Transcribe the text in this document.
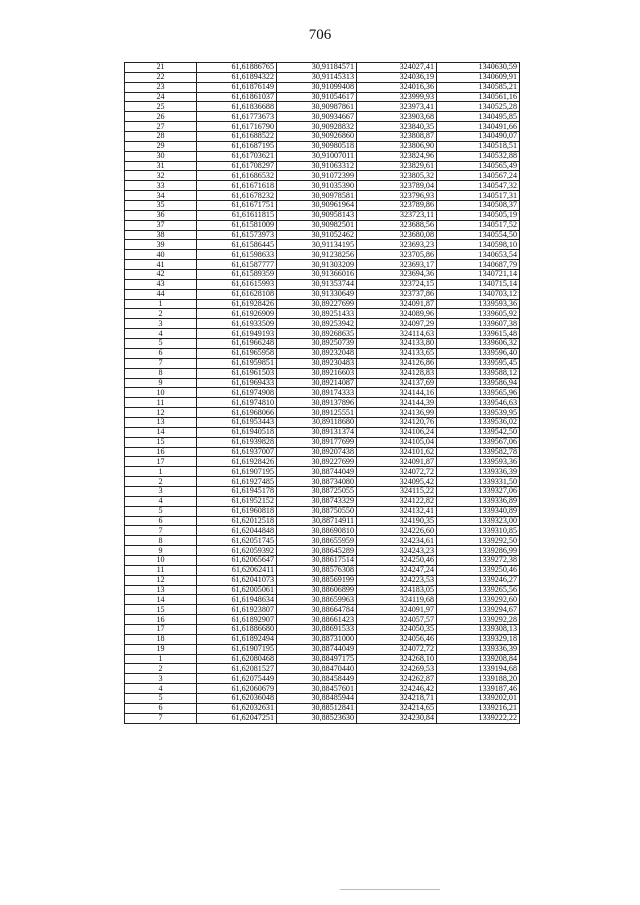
706
21	61,61886765	30,91184571	324027,41	1340630,59
22	61,61894322	30,91145313	324036,19	1340609,91
23	61,61876149	30,91099408	324016,36	1340585,21
24	61,61861037	30,91054617	323999,93	1340561,16
25	61,61836688	30,90987861	323973,41	1340525,28
26	61,61773673	30,90934667	323903,68	1340495,85
27	61,61716790	30,90928832	323840,35	1340491,66
28	61,61688522	30,90926860	323808,87	1340490,07
29	61,61687195	30,90980518	323806,90	1340518,51
30	61,61703621	30,91007011	323824,96	1340532,88
31	61,61708297	30,91063312	323829,61	1340565,49
32	61,61686532	30,91072399	323805,32	1340567,24
33	61,61671618	30,91035390	323789,04	1340547,32
34	61,61678232	30,90978581	323796,93	1340517,31
35	61,61671751	30,90961964	323789,86	1340508,37
36	61,61611815	30,90958143	323723,11	1340505,19
37	61,61581009	30,90982501	323688,56	1340517,52
38	61,61573973	30,91052462	323680,08	1340554,50
39	61,61586445	30,91134195	323693,23	1340598,10
40	61,61598633	30,91238256	323705,86	1340653,54
41	61,61587777	30,91303209	323693,17	1340687,79
42	61,61589359	30,91366016	323694,36	1340721,14
43	61,61615993	30,91353744	323724,15	1340715,14
44	61,61628108	30,91330649	323737,86	1340703,12
1	61,61928426	30,89227699	324091,87	1339593,36
2	61,61926909	30,89251433	324089,96	1339605,92
3	61,61933509	30,89253942	324097,29	1339607,38
4	61,61949193	30,89268635	324114,63	1339615,48
5	61,61966248	30,89250739	324133,80	1339606,32
6	61,61965958	30,89232048	324133,65	1339596,40
7	61,61959851	30,89230483	324126,86	1339595,45
8	61,61961503	30,89216603	324128,83	1339588,12
9	61,61969433	30,89214087	324137,69	1339586,94
10	61,61974908	30,89174333	324144,16	1339565,96
11	61,61974810	30,89137896	324144,39	1339546,63
12	61,61968066	30,89125551	324136,99	1339539,95
13	61,61953443	30,89118680	324120,76	1339536,02
14	61,61940518	30,89131374	324106,24	1339542,50
15	61,61939828	30,89177699	324105,04	1339567,06
16	61,61937007	30,89207438	324101,62	1339582,78
17	61,61928426	30,89227699	324091,87	1339593,36
1	61,61907195	30,88744049	324072,72	1339336,39
2	61,61927485	30,88734080	324095,42	1339331,50
3	61,61945178	30,88725055	324115,22	1339327,06
4	61,61952152	30,88743329	324122,82	1339336,89
5	61,61960818	30,88750550	324132,41	1339340,89
6	61,62012518	30,88714911	324190,35	1339323,00
7	61,62044848	30,88690810	324226,60	1339310,85
8	61,62051745	30,88655959	324234,61	1339292,50
9	61,62059392	30,88645289	324243,23	1339286,99
10	61,62065647	30,88617514	324250,46	1339272,38
11	61,62062411	30,88576308	324247,24	1339250,46
12	61,62041073	30,88569199	324223,53	1339246,27
13	61,62005061	30,88606899	324183,05	1339265,56
14	61,61948634	30,88659963	324119,68	1339292,60
15	61,61923807	30,88664784	324091,97	1339294,67
16	61,61892907	30,88661423	324057,57	1339292,28
17	61,61886680	30,88691533	324050,35	1339308,13
18	61,61892494	30,88731000	324056,46	1339329,18
19	61,61907195	30,88744049	324072,72	1339336,39
1	61,62080468	30,88497175	324268,10	1339208,84
2	61,62081527	30,88470440	324269,53	1339194,68
3	61,62075449	30,88458449	324262,87	1339188,20
4	61,62060679	30,88457601	324246,42	1339187,46
5	61,62036048	30,88485944	324218,71	1339202,01
6	61,62032631	30,88512841	324214,65	1339216,21
7	61,62047251	30,88523630	324230,84	1339222,22
